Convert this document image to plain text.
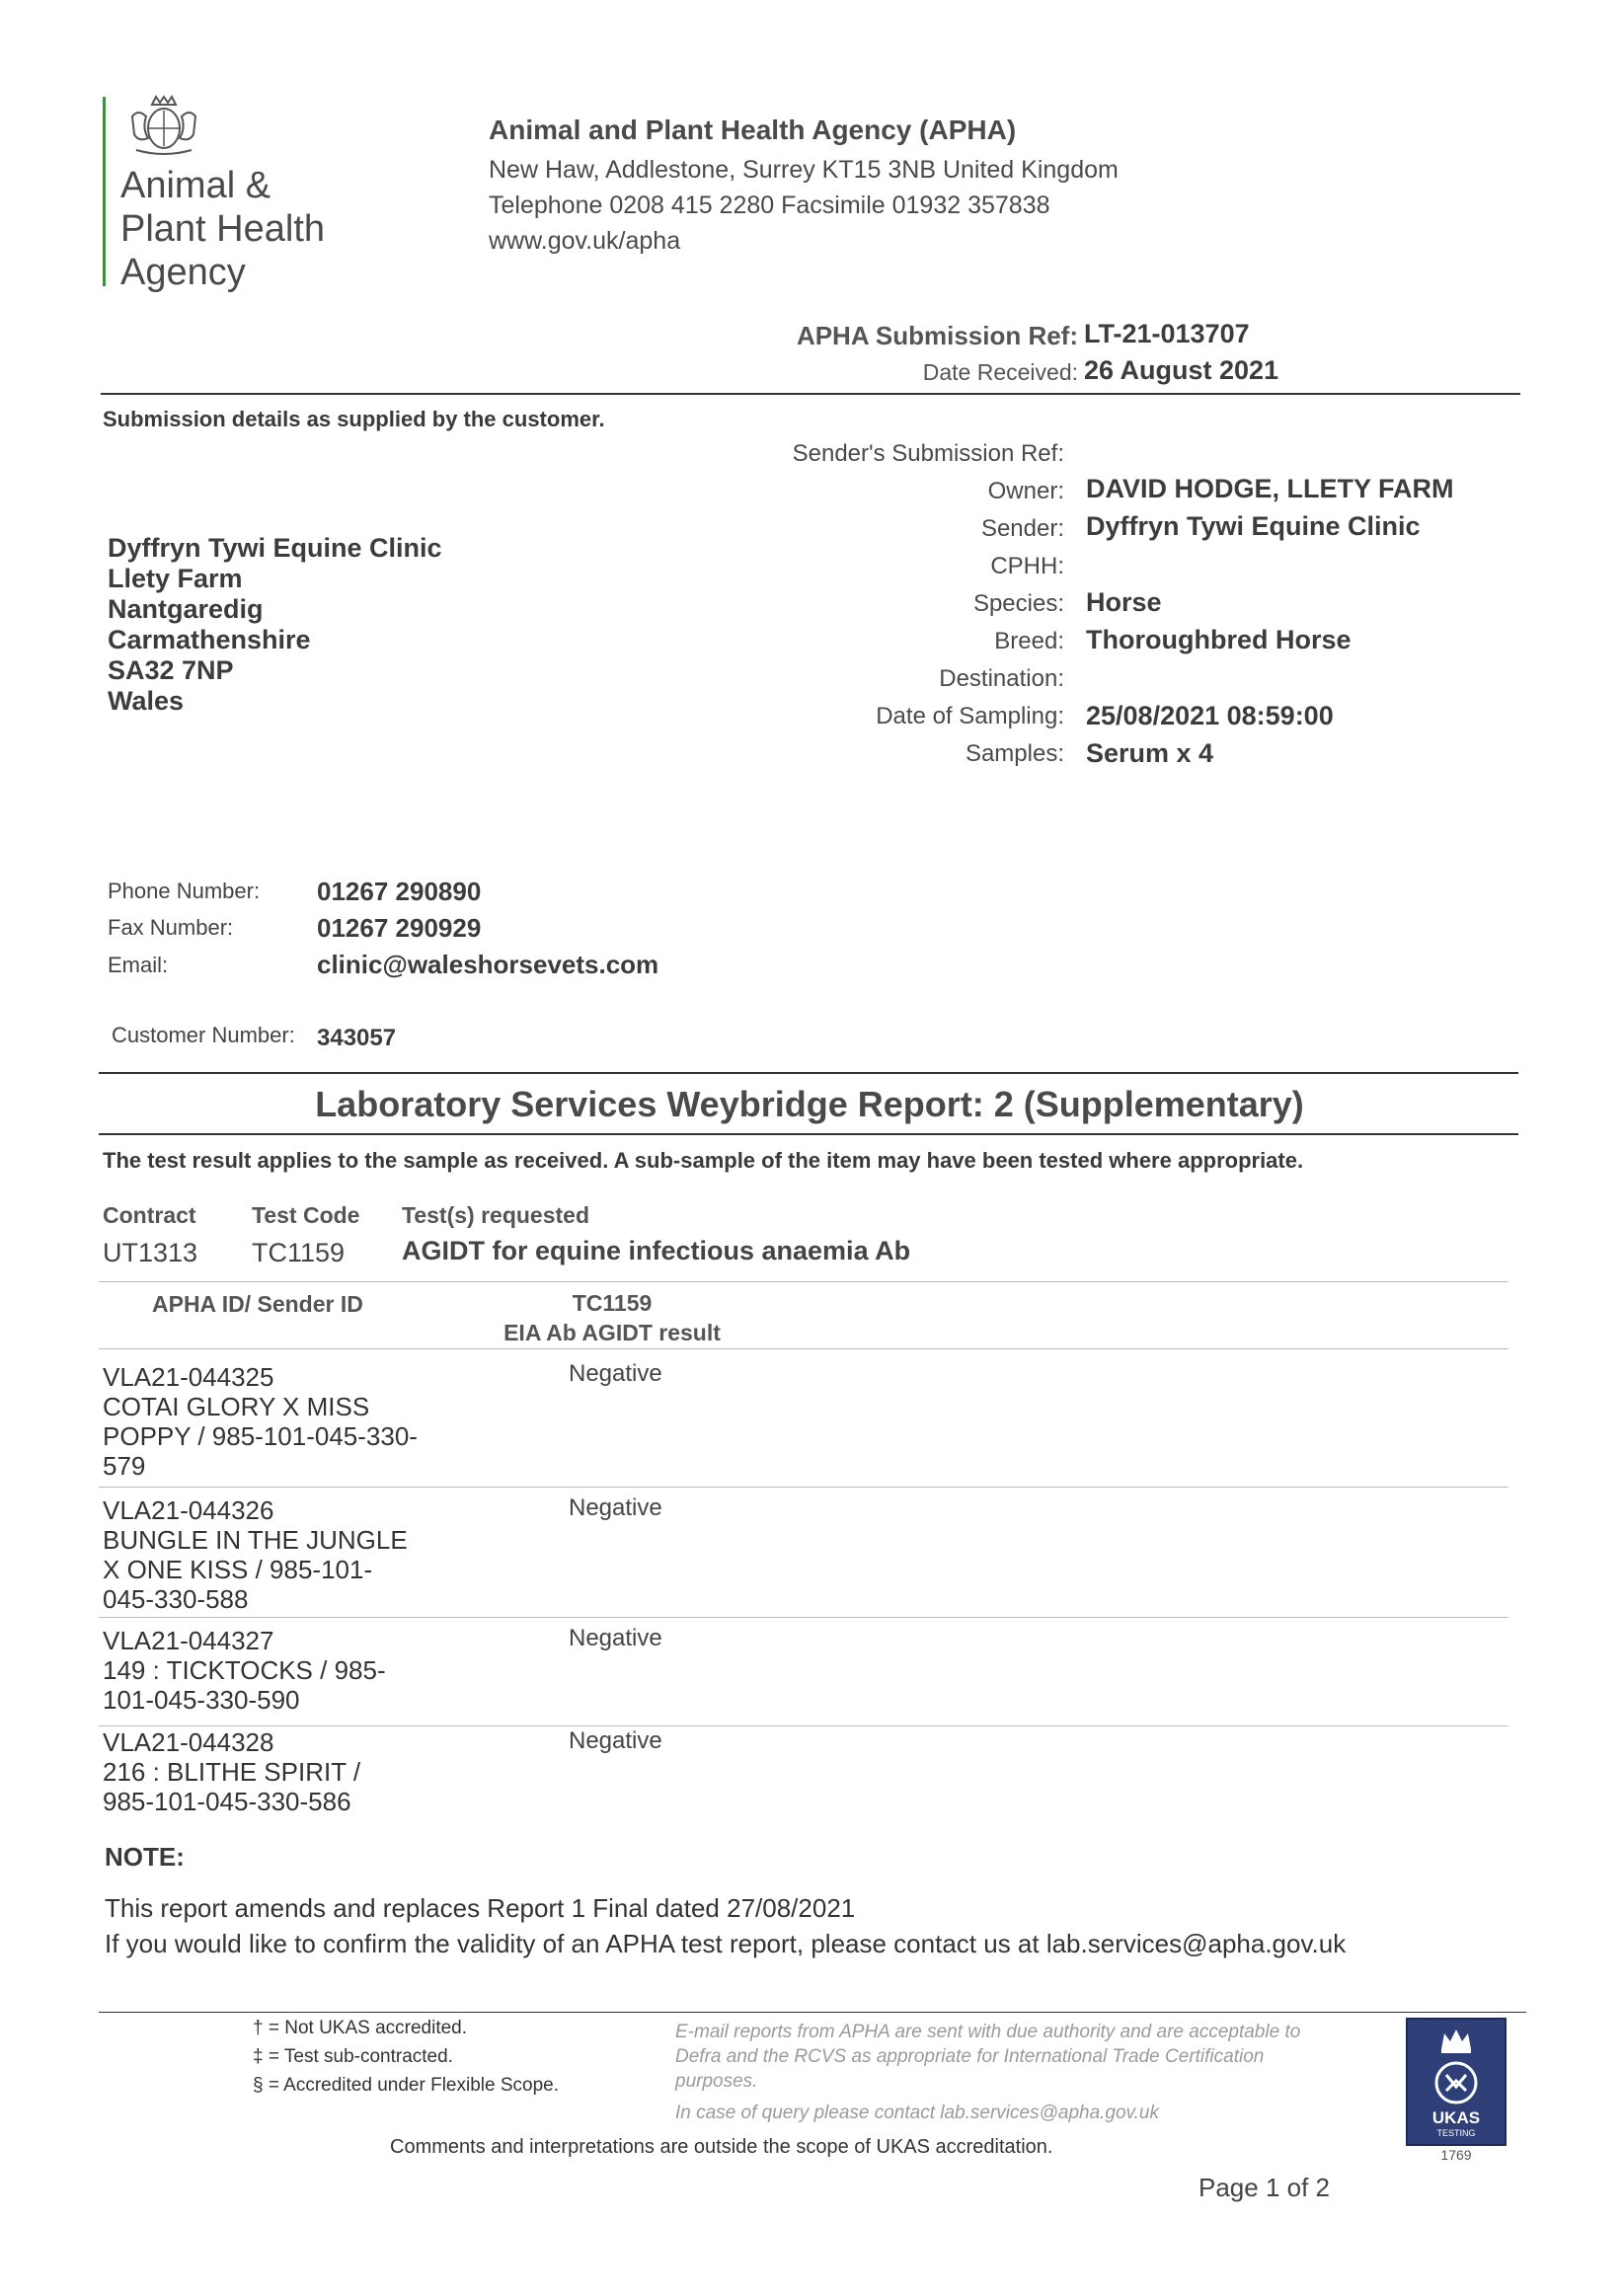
Animal &
Plant Health
Agency
Animal and Plant Health Agency (APHA)
New Haw, Addlestone, Surrey KT15 3NB United Kingdom
Telephone 0208 415 2280 Facsimile 01932 357838
www.gov.uk/apha
APHA Submission Ref: LT-21-013707
Date Received: 26 August 2021
Submission details as supplied by the customer.
Sender's Submission Ref:
Owner: DAVID HODGE, LLETY FARM
Sender: Dyffryn Tywi Equine Clinic
CPHH:
Species: Horse
Breed: Thoroughbred Horse
Destination:
Date of Sampling: 25/08/2021 08:59:00
Samples: Serum x 4
Dyffryn Tywi Equine Clinic
Llety Farm
Nantgaredig
Carmathenshire
SA32 7NP
Wales
Phone Number: 01267 290890
Fax Number:	01267 290929
Email:	clinic@waleshorsevets.com
Customer Number: 343057
Laboratory Services Weybridge Report: 2 (Supplementary)
The test result applies to the sample as received. A sub-sample of the item may have been tested where appropriate.
Contract Test Code Test(s) requested
UT1313 TC1159 AGIDT for equine infectious anaemia Ab
APHA ID/ Sender ID	TC1159
EIA Ab AGIDT result
VLA21-044325
COTAI GLORY X MISS
POPPY / 985-101-045-330-
579
Negative
VLA21-044326
BUNGLE IN THE JUNGLE
X ONE KISS / 985-101-
045-330-588
Negative
VLA21-044327
149 : TICKTOCKS / 985-
101-045-330-590
Negative
VLA21-044328
216 : BLITHE SPIRIT /
985-101-045-330-586
Negative
NOTE:
This report amends and replaces Report 1 Final dated 27/08/2021
If you would like to confirm the validity of an APHA test report, please contact us at lab.services@apha.gov.uk
† = Not UKAS accredited.
‡ = Test sub-contracted.
§ = Accredited under Flexible Scope.
E-mail reports from APHA are sent with due authority and are acceptable to Defra and the RCVS as appropriate for International Trade Certification purposes.
In case of query please contact lab.services@apha.gov.uk	UKAS
TESTING
1769
Comments and interpretations are outside the scope of UKAS accreditation.
Page 1 of 2
